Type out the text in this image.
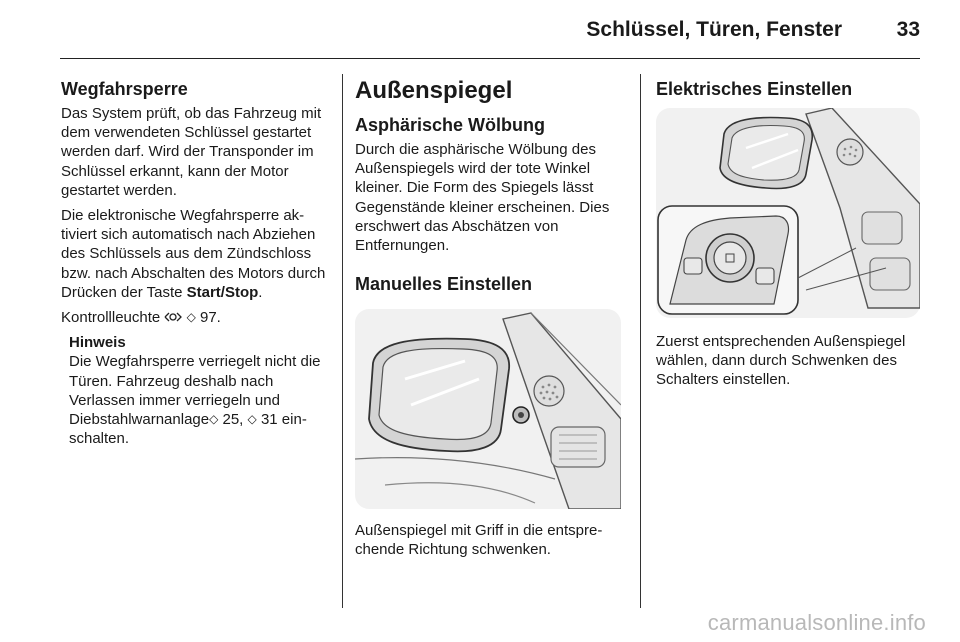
Schlüssel, Türen, Fenster	33
Wegfahrsperre

Das System prüft, ob das Fahrzeug mit dem verwendeten Schlüssel gestartet werden darf. Wird der Transponder im Schlüssel erkannt, kann der Motor gestartet werden.

Die elektronische Wegfahrsperre aktiviert sich automatisch nach Abziehen des Schlüssels aus dem Zündschloss bzw. nach Abschalten des Motors durch Drücken der Taste Start/Stop.

Kontrollleuchte  ◇ 97.

Hinweis
Die Wegfahrsperre verriegelt nicht die Türen. Fahrzeug deshalb nach Verlassen immer verriegeln und Diebstahlwarnanlage◇ 25, ◇ 31 einschalten.

Außenspiegel
Asphärische Wölbung

Durch die asphärische Wölbung des Außenspiegels wird der tote Winkel kleiner. Die Form des Spiegels lässt Gegenstände kleiner erscheinen. Dies erschwert das Abschätzen von Entfernungen.

Manuelles Einstellen

Außenspiegel mit Griff in die entsprechende Richtung schwenken.

Elektrisches Einstellen

Zuerst entsprechenden Außenspiegel wählen, dann durch Schwenken des Schalters einstellen.

carmanualsonline.info
